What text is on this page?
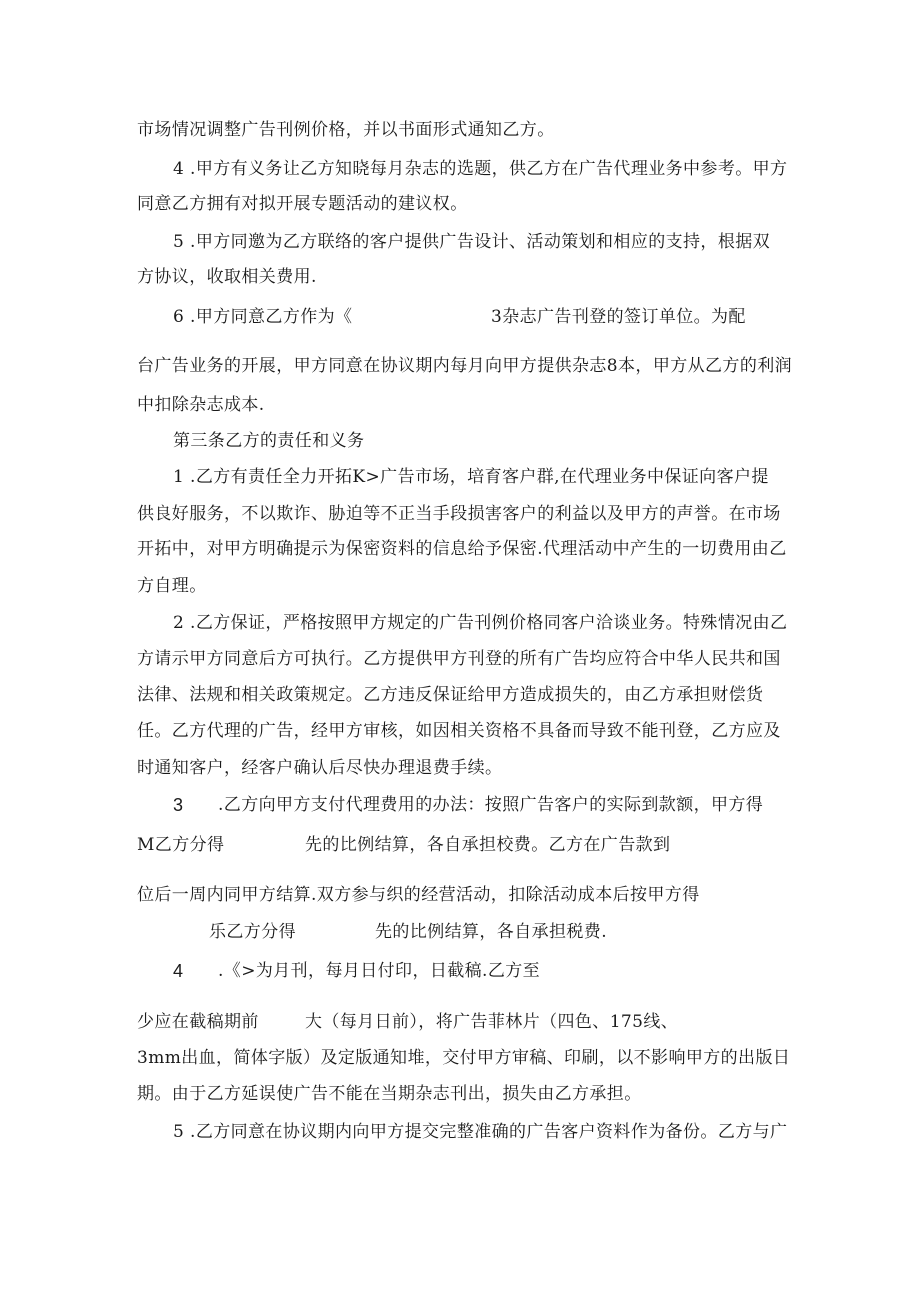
市场情况调整广告刊例价格，并以书面形式通知乙方。
4 .甲方有义务让乙方知晓每月杂志的选题，供乙方在广告代理业务中参考。甲方
同意乙方拥有对拟开展专题活动的建议权。
5 .甲方同邀为乙方联络的客户提供广告设计、活动策划和相应的支持，根据双
方协议，收取相关费用.
6 .甲方同意乙方作为《	3杂志广告刊登的签订单位。为配
台广告业务的开展，甲方同意在协议期内每月向甲方提供杂志8本，甲方从乙方的利润
中扣除杂志成本.
第三条乙方的责任和义务
1 .乙方有责任全力开拓K>广告市场，培育客户群,在代理业务中保证向客户提
供良好服务，不以欺诈、胁迫等不正当手段损害客户的利益以及甲方的声誉。在市场
开拓中，对甲方明确提示为保密资料的信息给予保密.代理活动中产生的一切费用由乙
方自理。
2 .乙方保证，严格按照甲方规定的广告刊例价格同客户洽谈业务。特殊情况由乙
方请示甲方同意后方可执行。乙方提供甲方刊登的所有广告均应符合中华人民共和国
法律、法规和相关政策规定。乙方违反保证给甲方造成损失的，由乙方承担财偿货
任。乙方代理的广告，经甲方审核，如因相关资格不具备而导致不能刊登，乙方应及
时通知客户，经客户确认后尽快办理退费手续。
3 .乙方向甲方支付代理费用的办法：按照广告客户的实际到款额，甲方得
M乙方分得	先的比例结算，各自承担校费。乙方在广告款到
位后一周内同甲方结算.双方参与织的经营活动，扣除活动成本后按甲方得
乐乙方分得	先的比例结算，各自承担税费.
4 .《>为月刊，每月日付印，日截稿.乙方至
少应在截稿期前	大（每月日前），将广告菲林片（四色、175线、
3mm出血，简体字版）及定版通知堆，交付甲方审稿、印刷，以不影响甲方的出版日
期。由于乙方延误使广告不能在当期杂志刊出，损失由乙方承担。
5 .乙方同意在协议期内向甲方提交完整准确的广告客户资料作为备份。乙方与广
